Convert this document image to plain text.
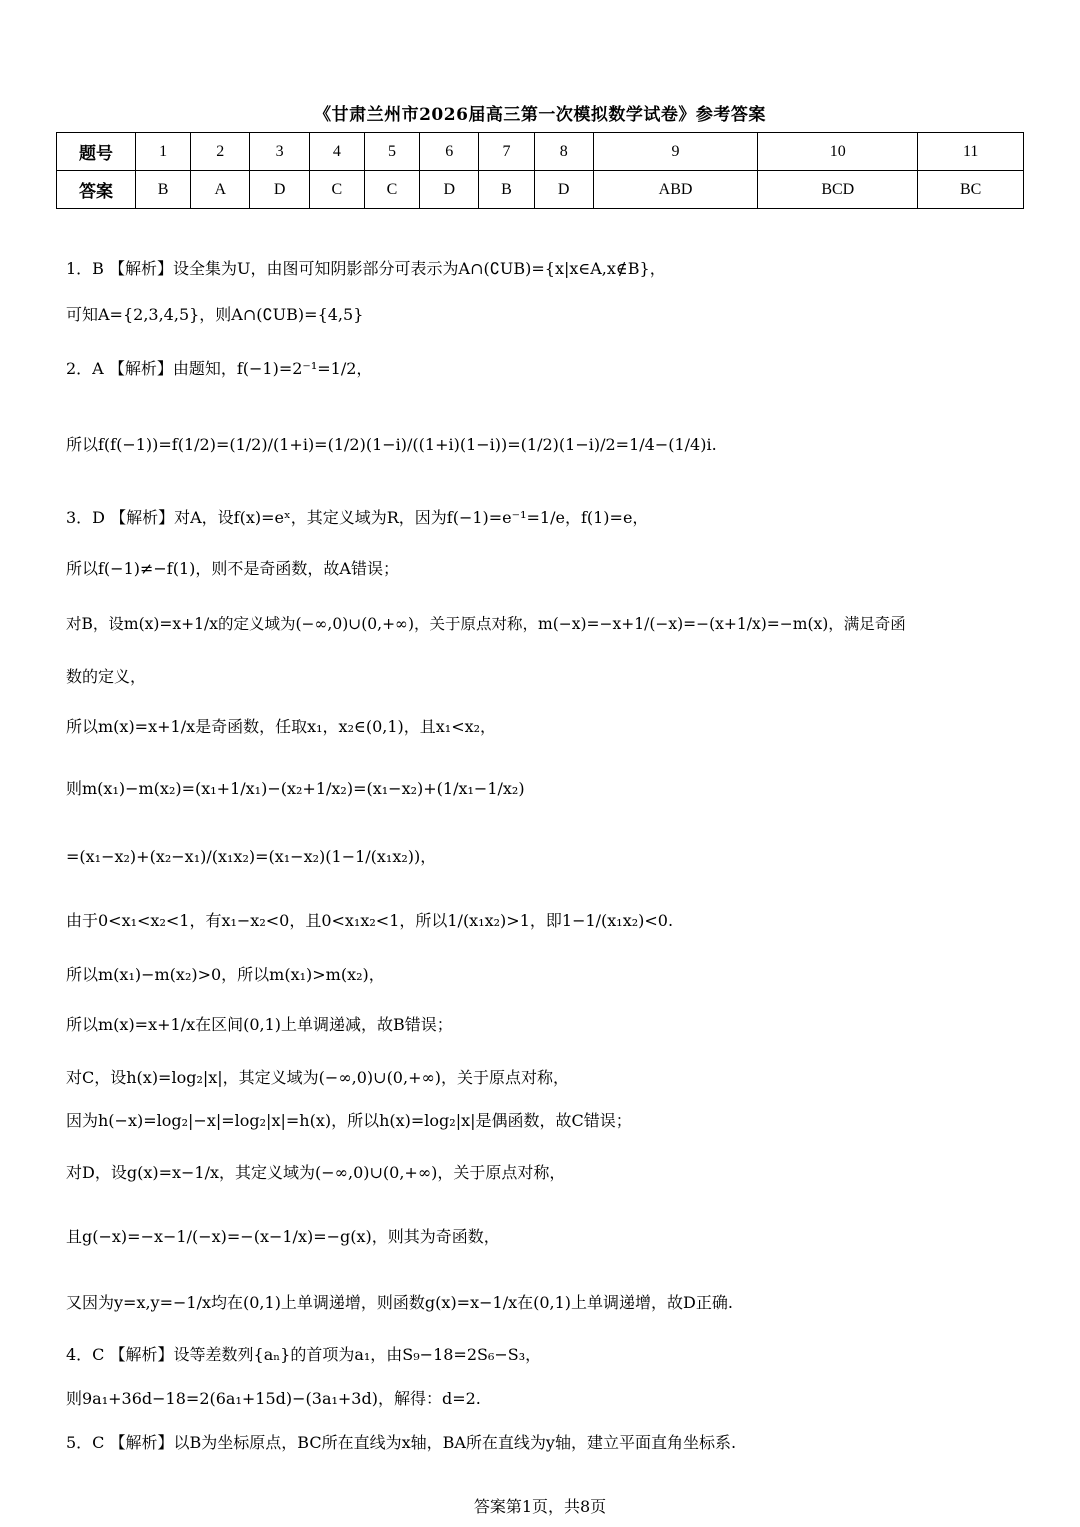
《甘肃兰州市2026届高三第一次模拟数学试卷》参考答案
题号	1	2	3	4	5	6	7	8	9	10	11
答案	B	A	D	C	C	D	B	D	ABD	BCD	BC
1．B 【解析】设全集为U，由图可知阴影部分可表示为A∩(∁UB)={x|x∈A,x∉B}，
可知A={2,3,4,5}，则A∩(∁UB)={4,5}
2．A 【解析】由题知，f(−1)=2⁻¹=1/2，
所以f(f(−1))=f(1/2)=(1/2)/(1+i)=(1/2)(1−i)/((1+i)(1−i))=(1/2)(1−i)/2=1/4−(1/4)i.
3．D 【解析】对A，设f(x)=eˣ，其定义域为R，因为f(−1)=e⁻¹=1/e，f(1)=e，
所以f(−1)≠−f(1)，则不是奇函数，故A错误；
对B，设m(x)=x+1/x的定义域为(−∞,0)∪(0,+∞)，关于原点对称，m(−x)=−x+1/(−x)=−(x+1/x)=−m(x)，满足奇函
数的定义，
所以m(x)=x+1/x是奇函数，任取x₁，x₂∈(0,1)，且x₁<x₂，
则m(x₁)−m(x₂)=(x₁+1/x₁)−(x₂+1/x₂)=(x₁−x₂)+(1/x₁−1/x₂)
=(x₁−x₂)+(x₂−x₁)/(x₁x₂)=(x₁−x₂)(1−1/(x₁x₂))，
由于0<x₁<x₂<1，有x₁−x₂<0，且0<x₁x₂<1，所以1/(x₁x₂)>1，即1−1/(x₁x₂)<0.
所以m(x₁)−m(x₂)>0，所以m(x₁)>m(x₂)，
所以m(x)=x+1/x在区间(0,1)上单调递减，故B错误；
对C，设h(x)=log₂|x|，其定义域为(−∞,0)∪(0,+∞)，关于原点对称，
因为h(−x)=log₂|−x|=log₂|x|=h(x)，所以h(x)=log₂|x|是偶函数，故C错误；
对D，设g(x)=x−1/x，其定义域为(−∞,0)∪(0,+∞)，关于原点对称，
且g(−x)=−x−1/(−x)=−(x−1/x)=−g(x)，则其为奇函数，
又因为y=x,y=−1/x均在(0,1)上单调递增，则函数g(x)=x−1/x在(0,1)上单调递增，故D正确.
4．C 【解析】设等差数列{aₙ}的首项为a₁，由S₉−18=2S₆−S₃，
则9a₁+36d−18=2(6a₁+15d)−(3a₁+3d)，解得：d=2.
5．C 【解析】以B为坐标原点，BC所在直线为x轴，BA所在直线为y轴，建立平面直角坐标系.
答案第1页，共8页
